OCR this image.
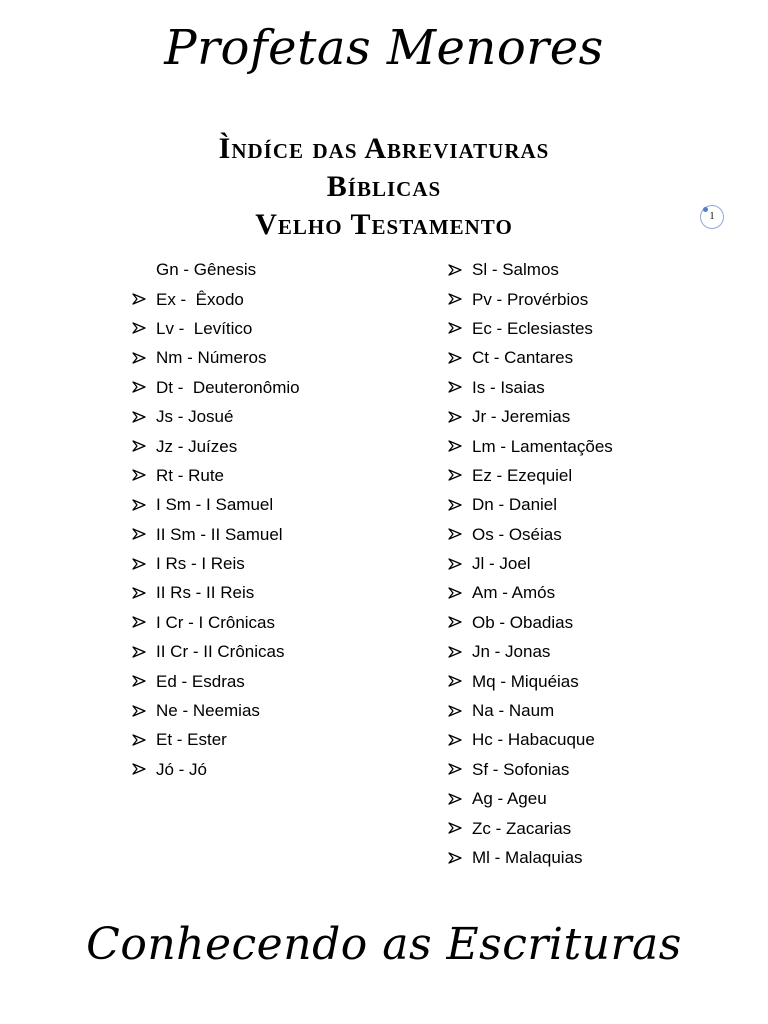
Profetas Menores
Ìndíce das Abreviaturas
Bíblicas
Velho Testamento	1
Gn - Gênesis
Ex -  Êxodo
Lv -  Levítico
Nm - Números
Dt -  Deuteronômio
Js - Josué
Jz - Juízes
Rt - Rute
I Sm - I Samuel
II Sm - II Samuel
I Rs - I Reis
II Rs - II Reis
I Cr - I Crônicas
II Cr - II Crônicas
Ed - Esdras
Ne - Neemias
Et - Ester
Jó - Jó
Sl - Salmos
Pv - Provérbios
Ec - Eclesiastes
Ct - Cantares
Is - Isaias
Jr - Jeremias
Lm - Lamentações
Ez - Ezequiel
Dn - Daniel
Os - Oséias
Jl - Joel
Am - Amós
Ob - Obadias
Jn - Jonas
Mq - Miquéias
Na - Naum
Hc - Habacuque
Sf - Sofonias
Ag - Ageu
Zc - Zacarias
Ml - Malaquias
Conhecendo as Escrituras
